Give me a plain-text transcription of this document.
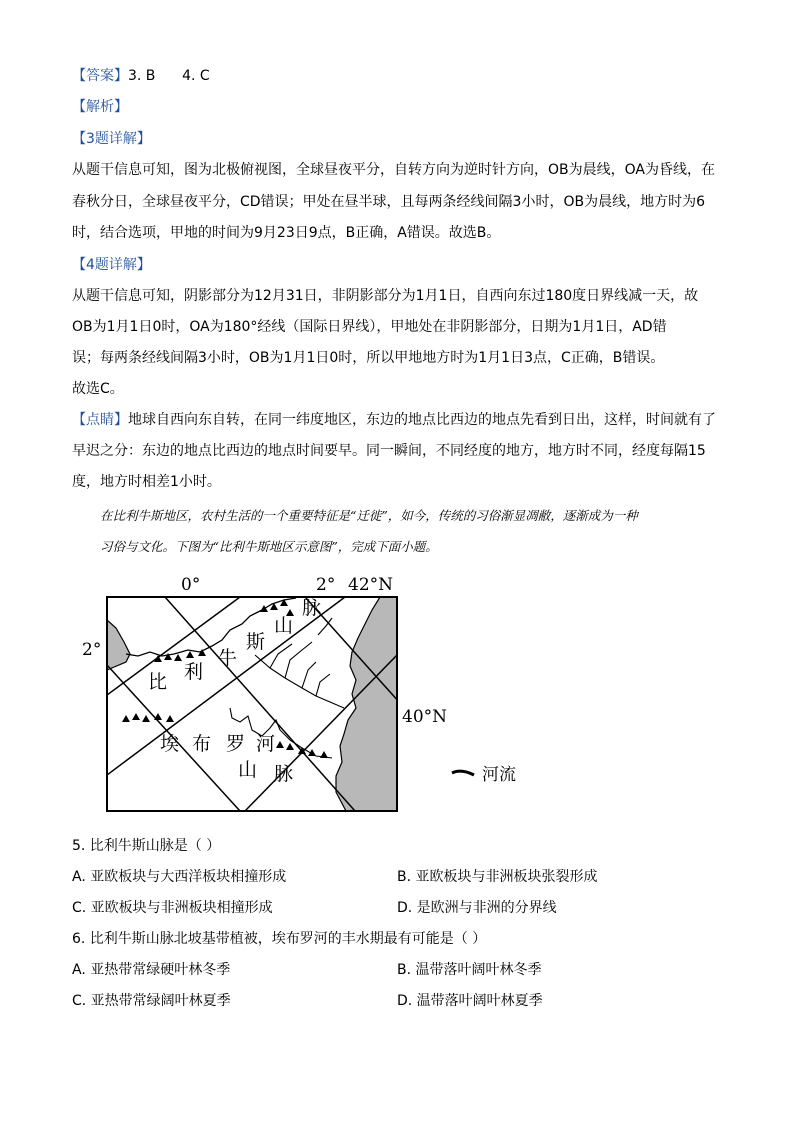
【答案】3. B      4. C
【解析】
【3题详解】
从题干信息可知，图为北极俯视图，全球昼夜平分，自转方向为逆时针方向，OB为晨线，OA为昏线，在
春秋分日，全球昼夜平分，CD错误；甲处在昼半球，且每两条经线间隔3小时，OB为晨线，地方时为6
时，结合选项，甲地的时间为9月23日9点，B正确，A错误。故选B。
【4题详解】
从题干信息可知，阴影部分为12月31日，非阴影部分为1月1日，自西向东过180度日界线减一天，故
OB为1月1日0时，OA为180°经线（国际日界线），甲地处在非阴影部分，日期为1月1日，AD错
误；每两条经线间隔3小时，OB为1月1日0时，所以甲地地方时为1月1日3点，C正确，B错误。
故选C。
【点睛】地球自西向东自转，在同一纬度地区，东边的地点比西边的地点先看到日出，这样，时间就有了
早迟之分：东边的地点比西边的地点时间要早。同一瞬间，不同经度的地方，地方时不同，经度每隔15
度，地方时相差1小时。
在比利牛斯地区，农村生活的一个重要特征是“迁徙”，如今，传统的习俗渐显凋敝，逐渐成为一种
习俗与文化。下图为“比利牛斯地区示意图”，完成下面小题。
0°	2° 42°N
40°N
2°
比 利
牛
斯
山
脉
埃 布 罗 河
山 脉	河流
5. 比利牛斯山脉是（ ）
A. 亚欧板块与大西洋板块相撞形成	B. 亚欧板块与非洲板块张裂形成
C. 亚欧板块与非洲板块相撞形成	D. 是欧洲与非洲的分界线
6. 比利牛斯山脉北坡基带植被，埃布罗河的丰水期最有可能是（ ）
A. 亚热带常绿硬叶林冬季	B. 温带落叶阔叶林冬季
C. 亚热带常绿阔叶林夏季	D. 温带落叶阔叶林夏季
